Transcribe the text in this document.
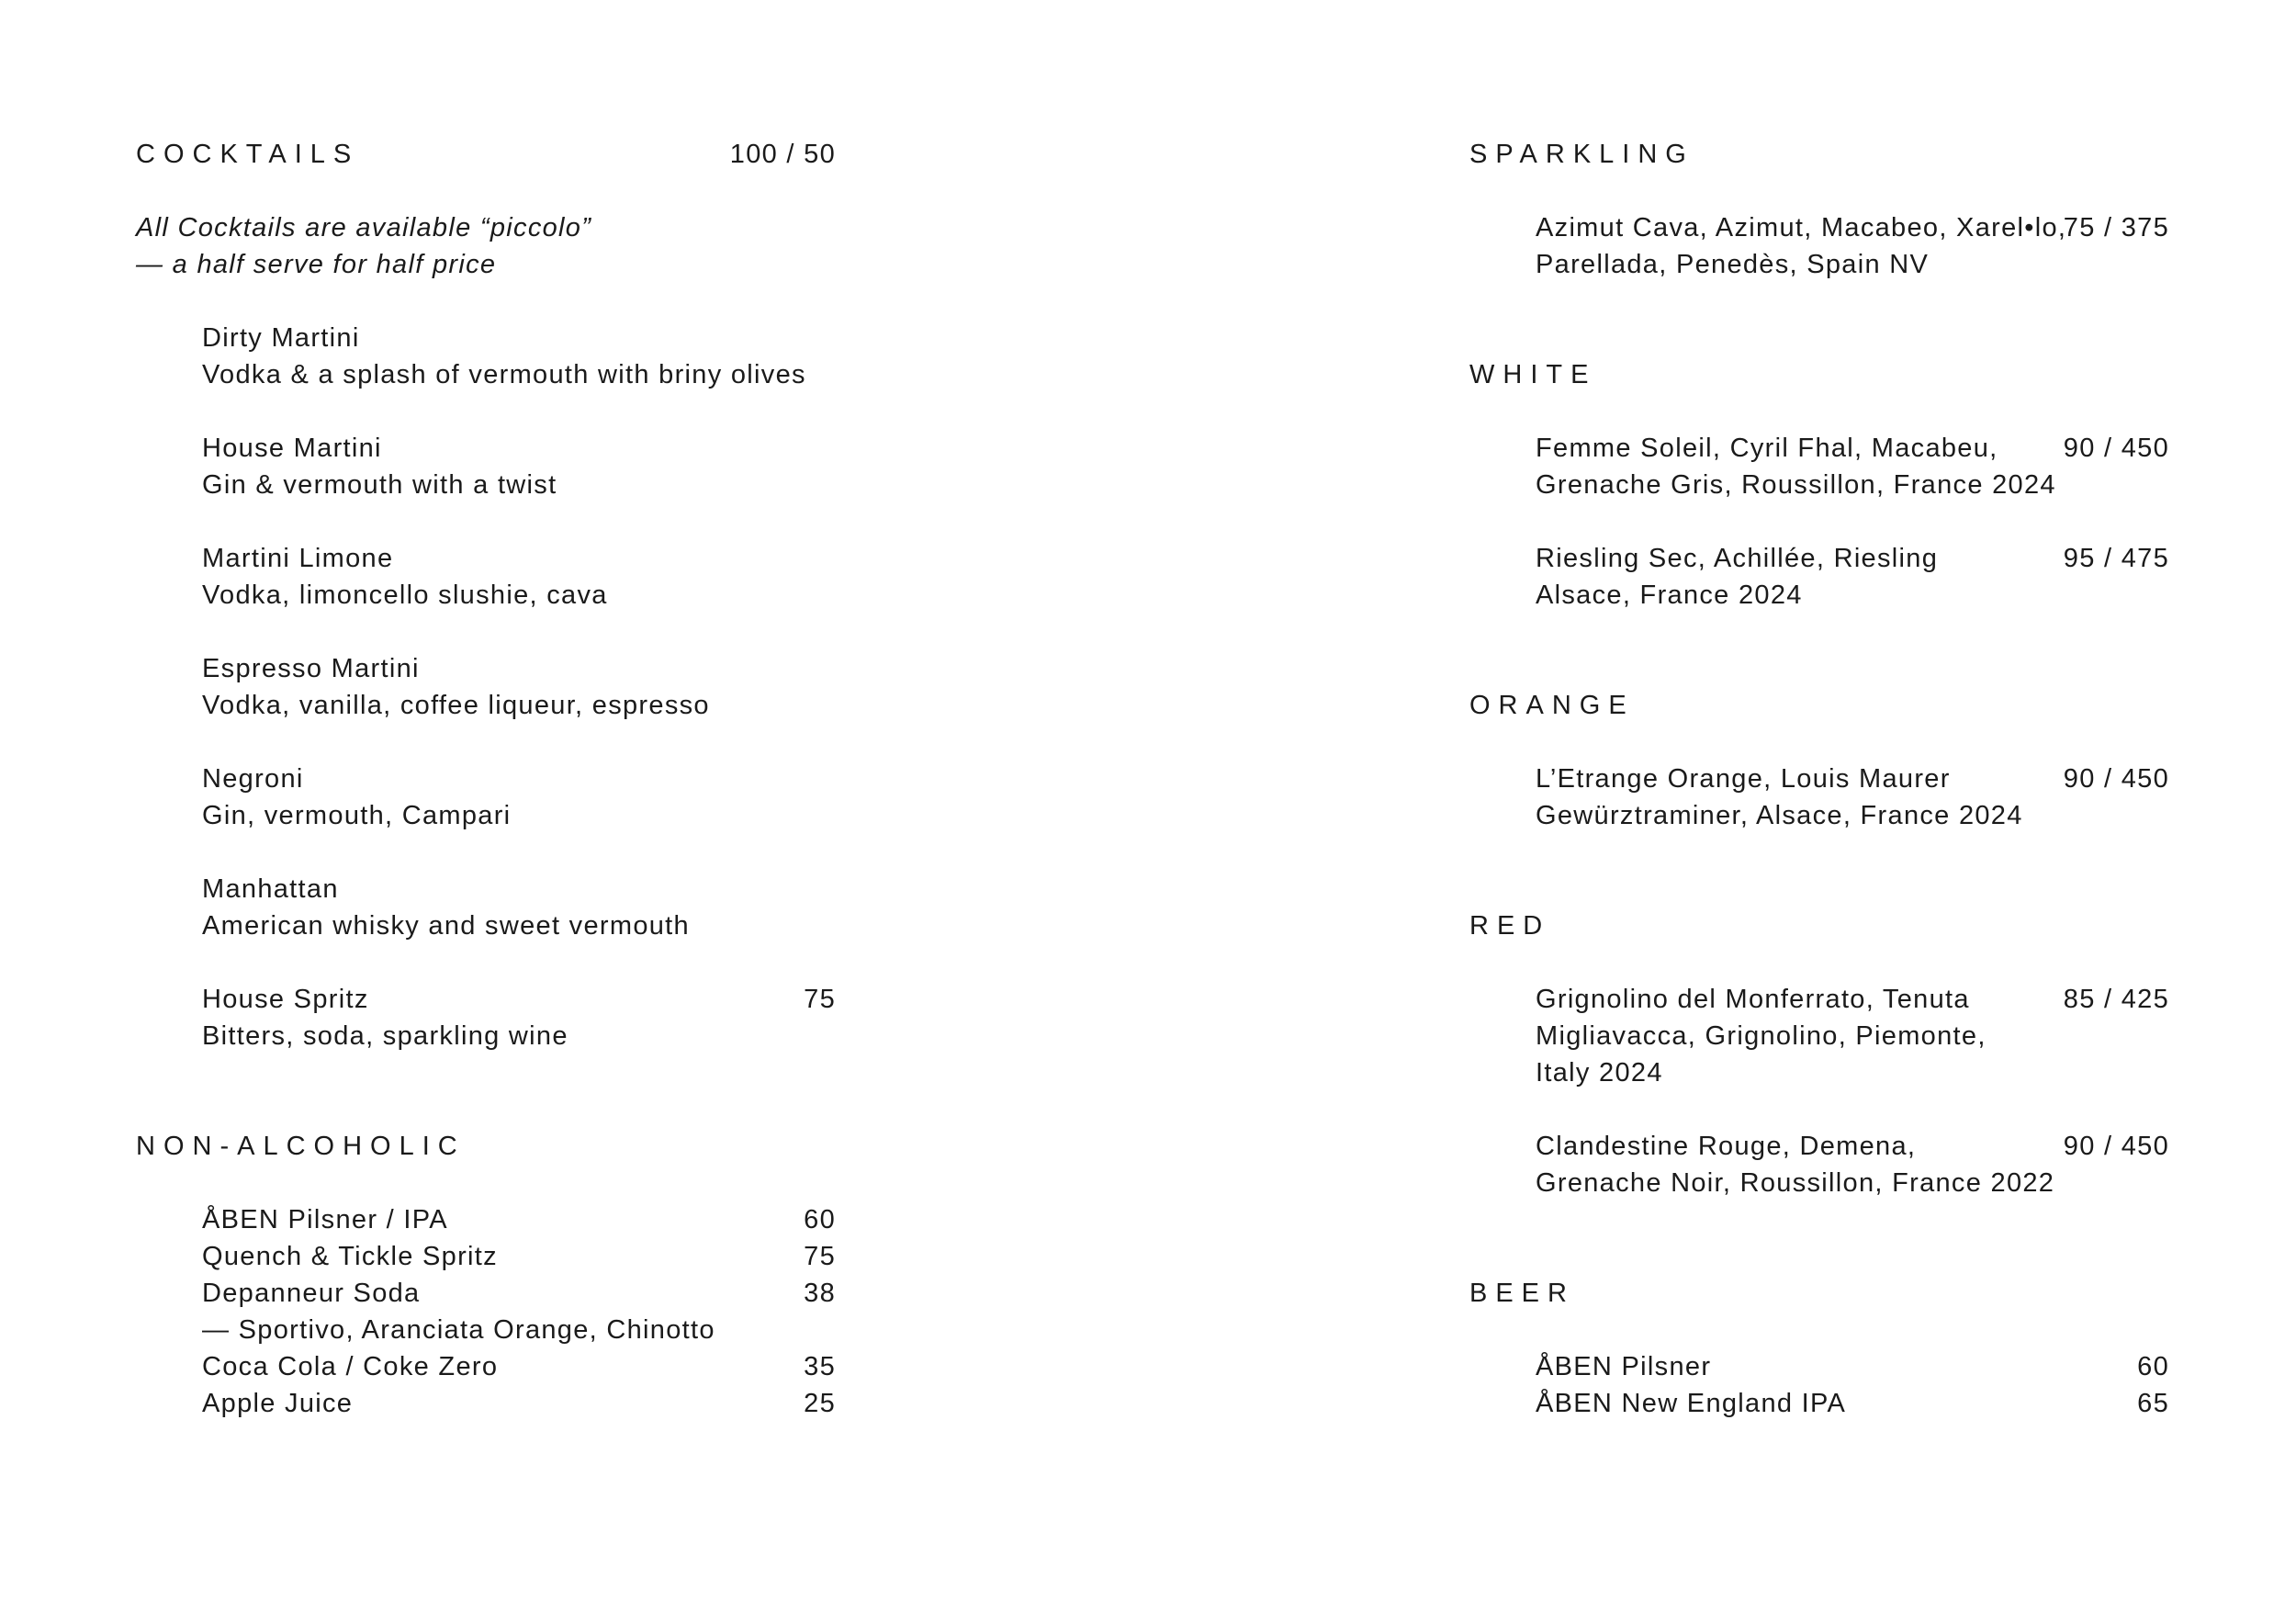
COCKTAILS	100 / 50
All Cocktails are available “piccolo”
— a half serve for half price
Dirty Martini
Vodka & a splash of vermouth with briny olives
House Martini
Gin & vermouth with a twist
Martini Limone
Vodka, limoncello slushie, cava
Espresso Martini
Vodka, vanilla, coffee liqueur, espresso
Negroni
Gin, vermouth, Campari
Manhattan
American whisky and sweet vermouth
House Spritz	75
Bitters, soda, sparkling wine
NON-ALCOHOLIC
ÅBEN Pilsner / IPA	60
Quench & Tickle Spritz	75
Depanneur Soda	38
— Sportivo, Aranciata Orange, Chinotto
Coca Cola / Coke Zero	35
Apple Juice	25
SPARKLING
Azimut Cava, Azimut, Macabeo, Xarel•lo,
Parellada, Penedès, Spain NV
75 / 375
WHITE
Femme Soleil, Cyril Fhal, Macabeu,
Grenache Gris, Roussillon, France 2024
90 / 450
Riesling Sec, Achillée, Riesling
Alsace, France 2024
95 / 475
ORANGE
L’Etrange Orange, Louis Maurer
Gewürztraminer, Alsace, France 2024
90 / 450
RED
Grignolino del Monferrato, Tenuta
Migliavacca, Grignolino, Piemonte,
Italy 2024
85 / 425
Clandestine Rouge, Demena,
Grenache Noir, Roussillon, France 2022
90 / 450
BEER
ÅBEN Pilsner	60
ÅBEN New England IPA	65
